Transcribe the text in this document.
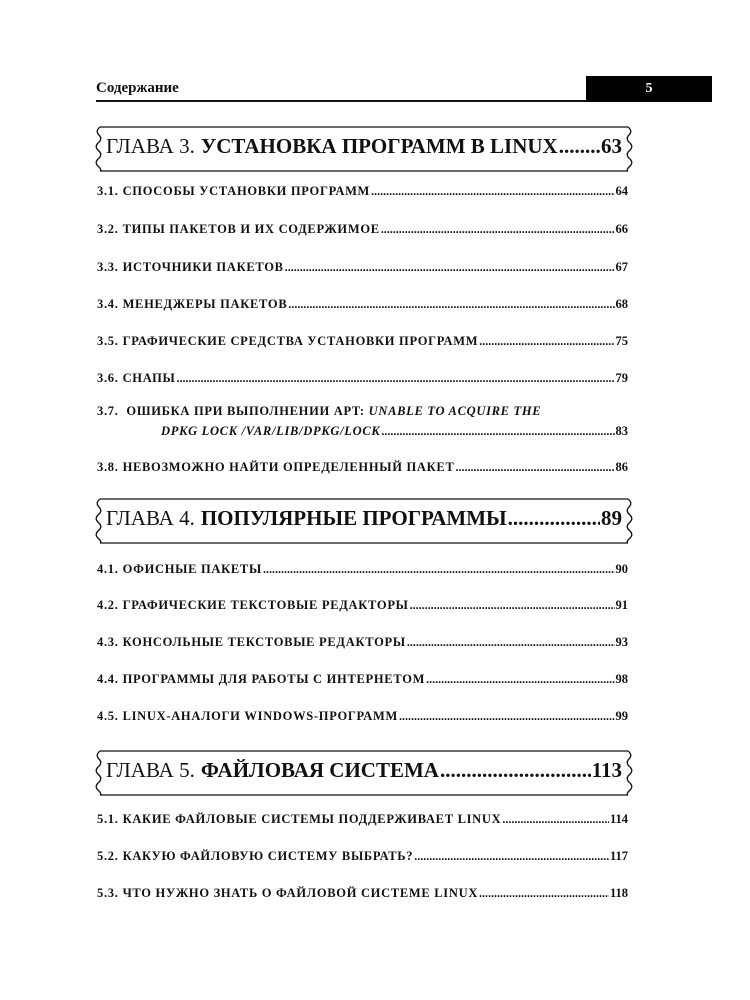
Содержание	5
ГЛАВА 3. УСТАНОВКА ПРОГРАММ В LINUX ..... 63
3.1. СПОСОБЫ УСТАНОВКИ ПРОГРАММ .....	64
3.2. ТИПЫ ПАКЕТОВ И ИХ СОДЕРЖИМОЕ .....	66
3.3. ИСТОЧНИКИ ПАКЕТОВ .....	67
3.4. МЕНЕДЖЕРЫ ПАКЕТОВ .....	68
3.5. ГРАФИЧЕСКИЕ СРЕДСТВА УСТАНОВКИ ПРОГРАММ .....	75
3.6. СНАПЫ .....	79
3.7. ОШИБКА ПРИ ВЫПОЛНЕНИИ APT: UNABLE TO ACQUIRE THE
DPKG LOCK /VAR/LIB/DPKG/LOCK .....	83
3.8. НЕВОЗМОЖНО НАЙТИ ОПРЕДЕЛЕННЫЙ ПАКЕТ .....	86
ГЛАВА 4. ПОПУЛЯРНЫЕ ПРОГРАММЫ .....	89
4.1. ОФИСНЫЕ ПАКЕТЫ .....	90
4.2. ГРАФИЧЕСКИЕ ТЕКСТОВЫЕ РЕДАКТОРЫ .....	91
4.3. КОНСОЛЬНЫЕ ТЕКСТОВЫЕ РЕДАКТОРЫ .....	93
4.4. ПРОГРАММЫ ДЛЯ РАБОТЫ С ИНТЕРНЕТОМ .....	98
4.5. LINUX-АНАЛОГИ WINDOWS-ПРОГРАММ .....	99
ГЛАВА 5. ФАЙЛОВАЯ СИСТЕМА .....	113
5.1. КАКИЕ ФАЙЛОВЫЕ СИСТЕМЫ ПОДДЕРЖИВАЕТ LINUX .....	114
5.2. КАКУЮ ФАЙЛОВУЮ СИСТЕМУ ВЫБРАТЬ? .....	117
5.3. ЧТО НУЖНО ЗНАТЬ О ФАЙЛОВОЙ СИСТЕМЕ LINUX .....	118
